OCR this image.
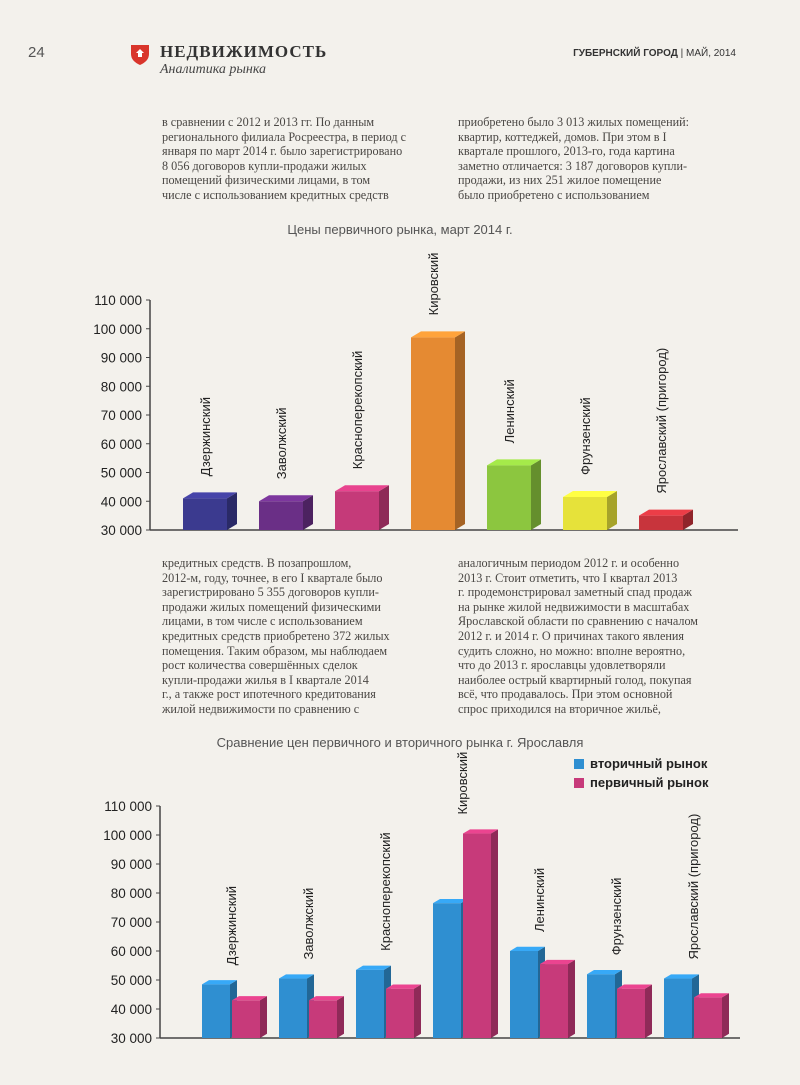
24	НЕДВИЖИМОСТЬ
Аналитика рынка
ГУБЕРНСКИЙ ГОРОД | МАЙ, 2014
в сравнении с 2012 и 2013 гг. По данным
регионального филиала Росреестра, в период с
января по март 2014 г. было зарегистрировано
8 056 договоров купли-продажи жилых
помещений физическими лицами, в том
числе с использованием кредитных средств
приобретено было 3 013 жилых помещений:
квартир, коттеджей, домов. При этом в I
квартале прошлого, 2013-го, года картина
заметно отличается: 3 187 договоров купли-
продажи, из них 251 жилое помещение
было приобретено с использованием
Цены первичного рынка, март 2014 г.
110 000
100 000
90 000
80 000
70 000
60 000
50 000
40 000
30 000
Дзержинский	Заволжский	Красноперекопский
Кировский
Ленинский	Фрунзенский	Ярославский (пригород)
кредитных средств. В позапрошлом,
2012-м, году, точнее, в его I квартале было
зарегистрировано 5 355 договоров купли-
продажи жилых помещений физическими
лицами, в том числе с использованием
кредитных средств приобретено 372 жилых
помещения. Таким образом, мы наблюдаем
рост количества совершённых сделок
купли-продажи жилья в I квартале 2014
г., а также рост ипотечного кредитования
жилой недвижимости по сравнению с
аналогичным периодом 2012 г. и особенно
2013 г. Стоит отметить, что I квартал 2013
г. продемонстрировал заметный спад продаж
на рынке жилой недвижимости в масштабах
Ярославской области по сравнению с началом
2012 г. и 2014 г. О причинах такого явления
судить сложно, но можно: вполне вероятно,
что до 2013 г. ярославцы удовлетворяли
наиболее острый квартирный голод, покупая
всё, что продавалось. При этом основной
спрос приходился на вторичное жильё,
Сравнение цен первичного и вторичного рынка г. Ярославля
110 000
100 000
90 000
80 000
70 000
60 000
50 000
40 000
30 000
Дзержинский	Заволжский	Красноперекопский
Кировский
Ленинский	Фрунзенский	Ярославский (пригород)
вторичный рынок
первичный рынок
